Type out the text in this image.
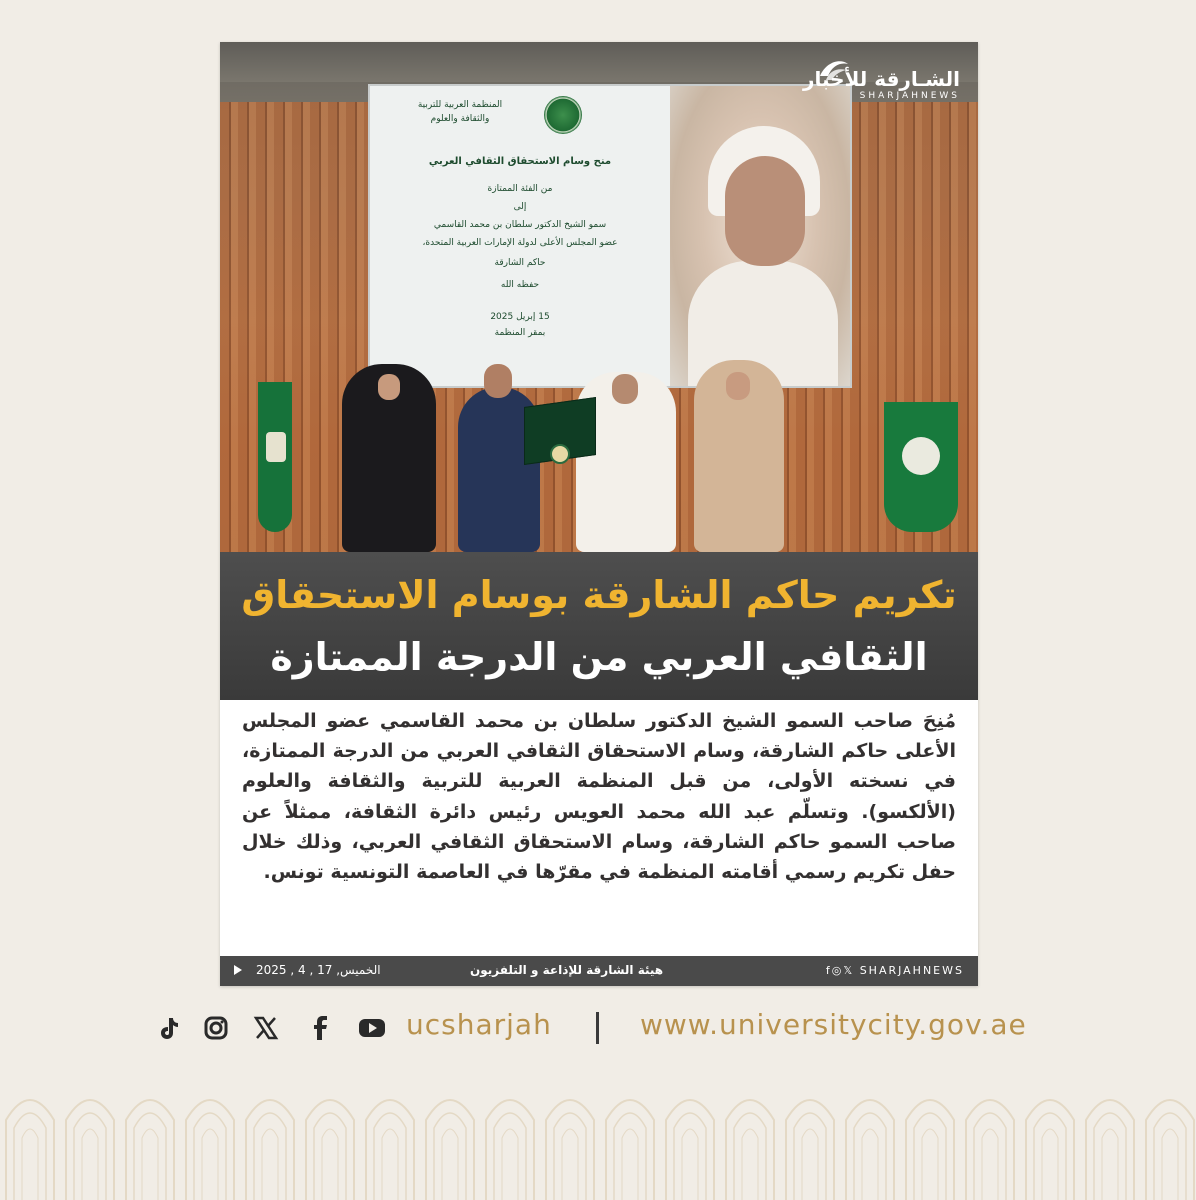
المنظمة العربية للتربية
والثقافة والعلوم
منح وسام الاستحقاق الثقافي العربي
من الفئة الممتازة
إلى
سمو الشيخ الدكتور سلطان بن محمد القاسمي
عضو المجلس الأعلى لدولة الإمارات العربية المتحدة،
حاكم الشارقة
حفظه الله
15 إبريل 2025
بمقر المنظمة
الشـارقة للأخبار
SHARJAHNEWS
تكريم حاكم الشارقة بوسام الاستحقاق
الثقافي العربي من الدرجة الممتازة
مُنِحَ صاحب السمو الشيخ الدكتور سلطان بن محمد القاسمي عضو المجلس الأعلى حاكم الشارقة، وسام الاستحقاق الثقافي العربي من الدرجة الممتازة، في نسخته الأولى، من قبل المنظمة العربية للتربية والثقافة والعلوم (الألكسو). وتسلّم عبد الله محمد العويس رئيس دائرة الثقافة، ممثلاً عن صاحب السمو حاكم الشارقة، وسام الاستحقاق الثقافي العربي، وذلك خلال حفل تكريم رسمي أقامته المنظمة في مقرّها في العاصمة التونسية تونس.
f◎𝕏 SHARJAHNEWS
هيئة الشارقة للإذاعة و التلفزيون
الخميس, 17 , 4 , 2025
ucsharjah	www.universitycity.gov.ae
